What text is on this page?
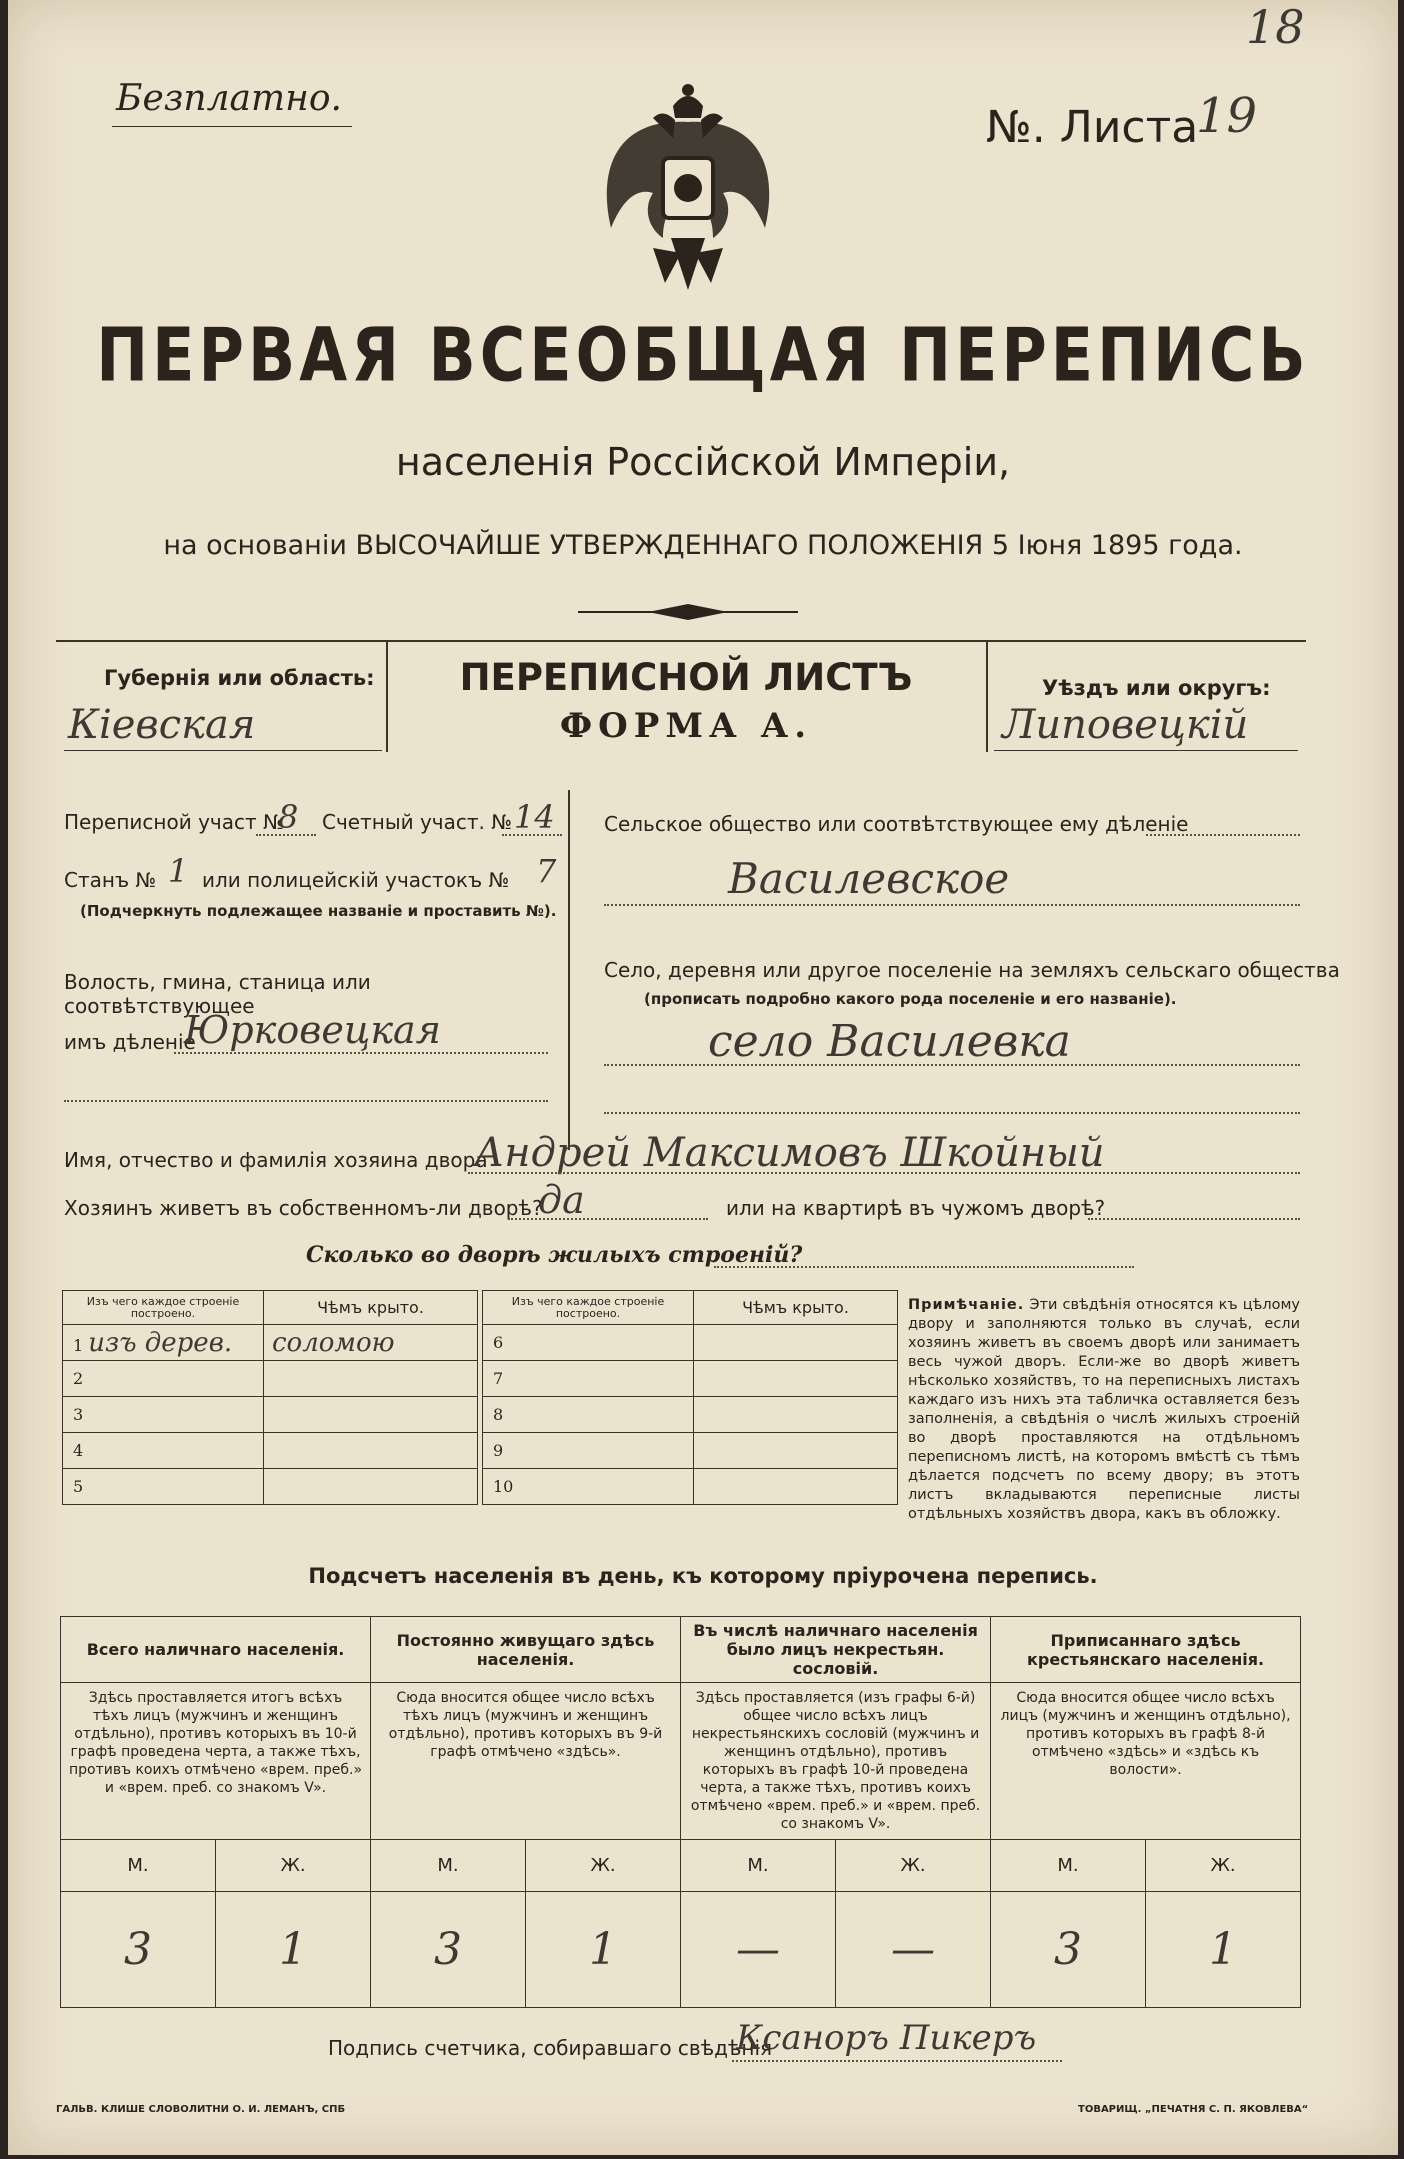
Безплатно.
№. Листа
19
18
ПЕРВАЯ ВСЕОБЩАЯ ПЕРЕПИСЬ
населенія Россійской Имперіи,
на основаніи ВЫСОЧАЙШЕ УТВЕРЖДЕННАГО ПОЛОЖЕНІЯ 5 Іюня 1895 года.
Губернія или область:
Кіевская
ПЕРЕПИСНОЙ ЛИСТЪ
ФОРМА А.
Уѣздъ или округъ:
Липовецкій
Переписной участ №
8 Счетный участ. № 14
Станъ № 1 или полицейскій участокъ № 7
(Подчеркнуть подлежащее названіе и проставить №).
Волость, гмина, станица или соотвѣтствующее
имъ дѣленіе
Юрковецкая
Сельское общество или соотвѣтствующее ему дѣленіе
Василевское
Село, деревня или другое поселеніе на земляхъ сельскаго общества
(прописать подробно какого рода поселеніе и его названіе).
село Василевка
Имя, отчество и фамилія хозяина двора
Андрей Максимовъ Шкойный
Хозяинъ живетъ въ собственномъ-ли дворѣ?
да	или на квартирѣ въ чужомъ дворѣ?
Сколько во дворѣ жилыхъ строеній?
Изъ чего каждое строеніе построено.	Чѣмъ крыто.
1 изъ дерев.	соломою
2	
3	
4	
5	
Изъ чего каждое строеніе построено.	Чѣмъ крыто.
6	
7	
8	
9	
10	
Примѣчаніе. Эти свѣдѣнія относятся къ цѣлому двору и заполняются только въ случаѣ, если хозяинъ живетъ въ своемъ дворѣ или занимаетъ весь чужой дворъ. Если-же во дворѣ живетъ нѣсколько хозяйствъ, то на переписныхъ листахъ каждаго изъ нихъ эта табличка оставляется безъ заполненія, а свѣдѣнія о числѣ жилыхъ строеній во дворѣ проставляются на отдѣльномъ переписномъ листѣ, на которомъ вмѣстѣ съ тѣмъ дѣлается подсчетъ по всему двору; въ этотъ листъ вкладываются переписные листы отдѣльныхъ хозяйствъ двора, какъ въ обложку.
Подсчетъ населенія въ день, къ которому пріурочена перепись.
Всего наличнаго населенія.		Постоянно живущаго здѣсь населенія.		Въ числѣ наличнаго населенія было лицъ некрестьян. сословій.		Приписаннаго здѣсь крестьянскаго населенія.	
Здѣсь проставляется итогъ всѣхъ тѣхъ лицъ (мужчинъ и женщинъ отдѣльно), противъ которыхъ въ 10-й графѣ проведена черта, а также тѣхъ, противъ коихъ отмѣчено «врем. преб.» и «врем. преб. со знакомъ V».		Сюда вносится общее число всѣхъ тѣхъ лицъ (мужчинъ и женщинъ отдѣльно), противъ которыхъ въ 9-й графѣ отмѣчено «здѣсь».		Здѣсь проставляется (изъ графы 6-й) общее число всѣхъ лицъ некрестьянскихъ сословій (мужчинъ и женщинъ отдѣльно), противъ которыхъ въ графѣ 10-й проведена черта, а также тѣхъ, противъ коихъ отмѣчено «врем. преб.» и «врем. преб. со знакомъ V».		Сюда вносится общее число всѣхъ лицъ (мужчинъ и женщинъ отдѣльно), противъ которыхъ въ графѣ 8-й отмѣчено «здѣсь» и «здѣсь къ волости».	
М.	Ж.	М.	Ж.	М.	Ж.	М.	Ж.
3	1	3	1	—	—	3	1
Подпись счетчика, собиравшаго свѣдѣнія
Ксаноръ Пикеръ
ГАЛЬВ. КЛИШЕ СЛОВОЛИТНИ О. И. ЛЕМАНЪ, СПБ	ТОВАРИЩ. „ПЕЧАТНЯ С. П. ЯКОВЛЕВА“
